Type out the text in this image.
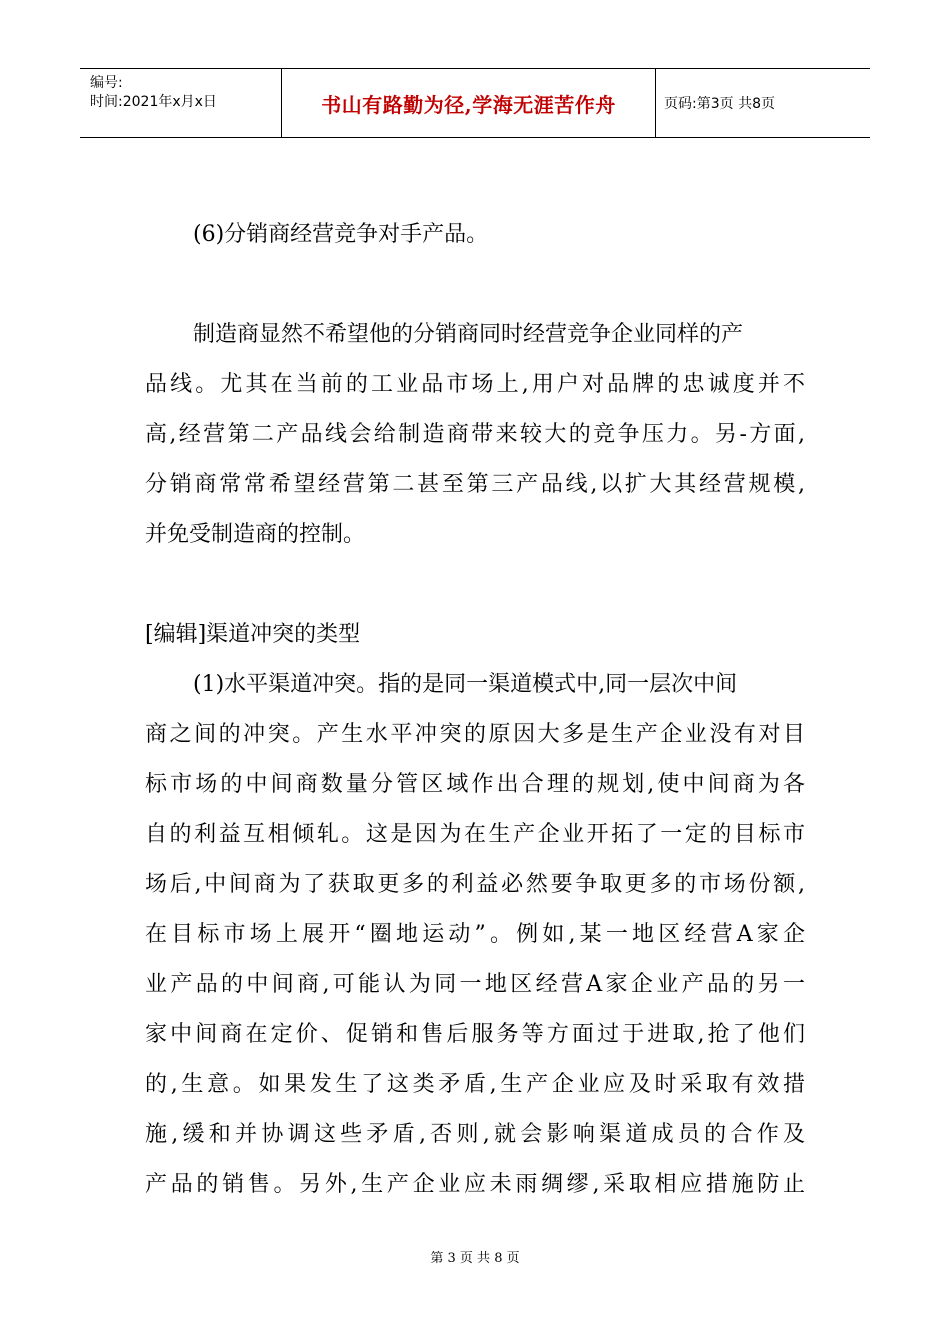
编号:
时间:2021年x月x日	书山有路勤为径,学海无涯苦作舟	页码:第3页 共8页
(6)分销商经营竞争对手产品。
制造商显然不希望他的分销商同时经营竞争企业同样的产
品线。尤其在当前的工业品市场上,用户对品牌的忠诚度并不
高,经营第二产品线会给制造商带来较大的竞争压力。另-方面,
分销商常常希望经营第二甚至第三产品线,以扩大其经营规模,
并免受制造商的控制。
[编辑]渠道冲突的类型
(1)水平渠道冲突。指的是同一渠道模式中,同一层次中间
商之间的冲突。产生水平冲突的原因大多是生产企业没有对目
标市场的中间商数量分管区域作出合理的规划,使中间商为各
自的利益互相倾轧。这是因为在生产企业开拓了一定的目标市
场后,中间商为了获取更多的利益必然要争取更多的市场份额,
在目标市场上展开“圈地运动”。例如,某一地区经营A家企
业产品的中间商,可能认为同一地区经营A家企业产品的另一
家中间商在定价、促销和售后服务等方面过于进取,抢了他们
的,生意。如果发生了这类矛盾,生产企业应及时采取有效措
施,缓和并协调这些矛盾,否则,就会影响渠道成员的合作及
产品的销售。另外,生产企业应未雨绸缪,采取相应措施防止
第 3 页 共 8 页
